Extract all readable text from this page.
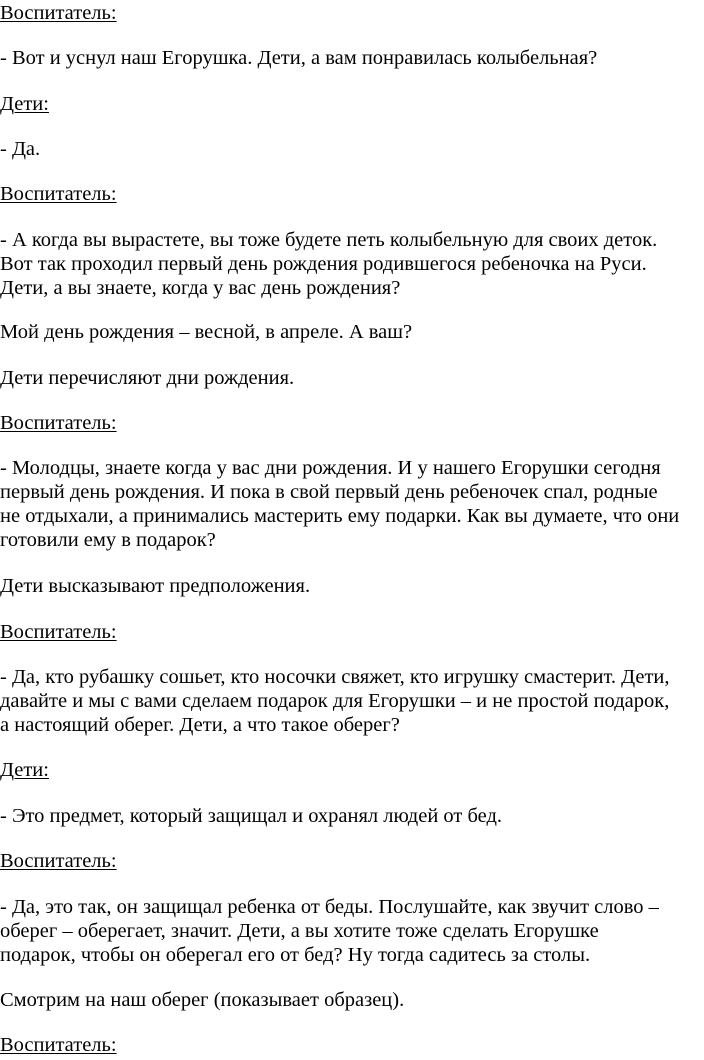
Воспитатель:

- Вот и уснул наш Егорушка. Дети, а вам понравилась колыбельная?

Дети:

- Да.

Воспитатель:

- А когда вы вырастете, вы тоже будете петь колыбельную для своих деток.
Вот так проходил первый день рождения родившегося ребеночка на Руси.
Дети, а вы знаете, когда у вас день рождения?

Мой день рождения – весной, в апреле. А ваш?

Дети перечисляют дни рождения.

Воспитатель:

- Молодцы, знаете когда у вас дни рождения. И у нашего Егорушки сегодня
первый день рождения. И пока в свой первый день ребеночек спал, родные
не отдыхали, а принимались мастерить ему подарки. Как вы думаете, что они
готовили ему в подарок?

Дети высказывают предположения.

Воспитатель:

- Да, кто рубашку сошьет, кто носочки свяжет, кто игрушку смастерит. Дети,
давайте и мы с вами сделаем подарок для Егорушки – и не простой подарок,
а настоящий оберег. Дети, а что такое оберег?

Дети:

- Это предмет, который защищал и охранял людей от бед.

Воспитатель:

- Да, это так, он защищал ребенка от беды. Послушайте, как звучит слово –
оберег – оберегает, значит. Дети, а вы хотите тоже сделать Егорушке
подарок, чтобы он оберегал его от бед? Ну тогда садитесь за столы.

Смотрим на наш оберег (показывает образец).

Воспитатель:
